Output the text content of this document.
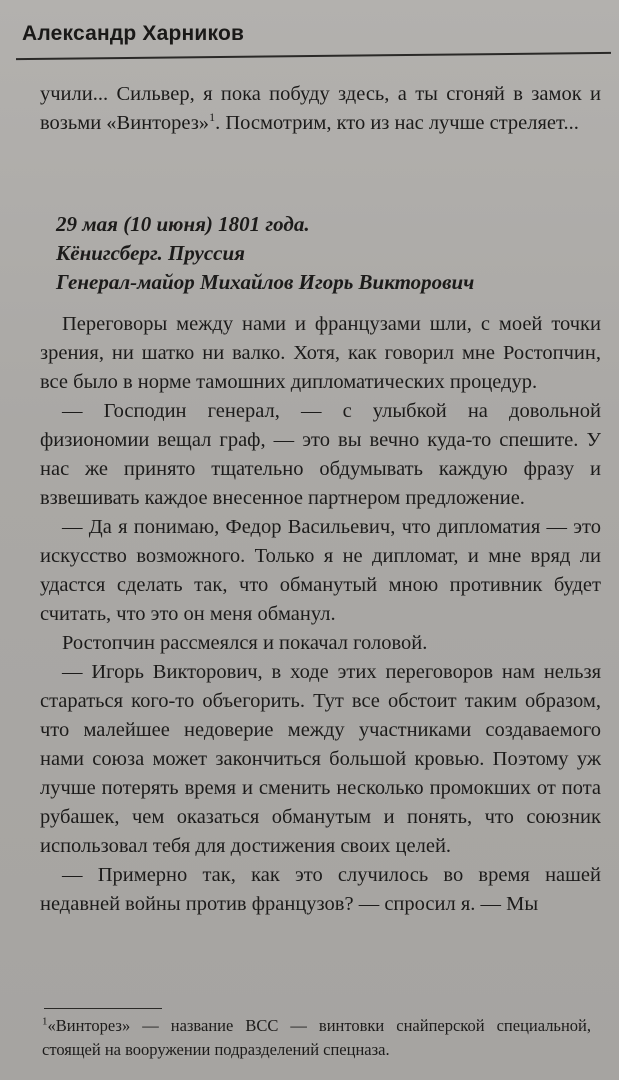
Александр Харников

учили... Сильвер, я пока побуду здесь, а ты сгоняй в замок и возьми «Винторез»$^1$. Посмотрим, кто из нас лучше стреляет...

29 мая (10 июня) 1801 года.
Кёнигсберг. Пруссия
Генерал-майор Михайлов Игорь Викторович

Переговоры между нами и французами шли, с моей точки зрения, ни шатко ни валко. Хотя, как говорил мне Ростопчин, все было в норме тамошних дипломатических процедур.

— Господин генерал, — с улыбкой на довольной физиономии вещал граф, — это вы вечно куда-то спешите. У нас же принято тщательно обдумывать каждую фразу и взвешивать каждое внесенное партнером предложение.

— Да я понимаю, Федор Васильевич, что дипломатия — это искусство возможного. Только я не дипломат, и мне вряд ли удастся сделать так, что обманутый мною противник будет считать, что это он меня обманул.

Ростопчин рассмеялся и покачал головой.

— Игорь Викторович, в ходе этих переговоров нам нельзя стараться кого-то объегорить. Тут все обстоит таким образом, что малейшее недоверие между участниками создаваемого нами союза может закончиться большой кровью. Поэтому уж лучше потерять время и сменить несколько промокших от пота рубашек, чем оказаться обманутым и понять, что союзник использовал тебя для достижения своих целей.

— Примерно так, как это случилось во время нашей недавней войны против французов? — спросил я. — Мы

$^1$«Винторез» — название ВСС — винтовки снайперской специальной, стоящей на вооружении подразделений спецназа.
